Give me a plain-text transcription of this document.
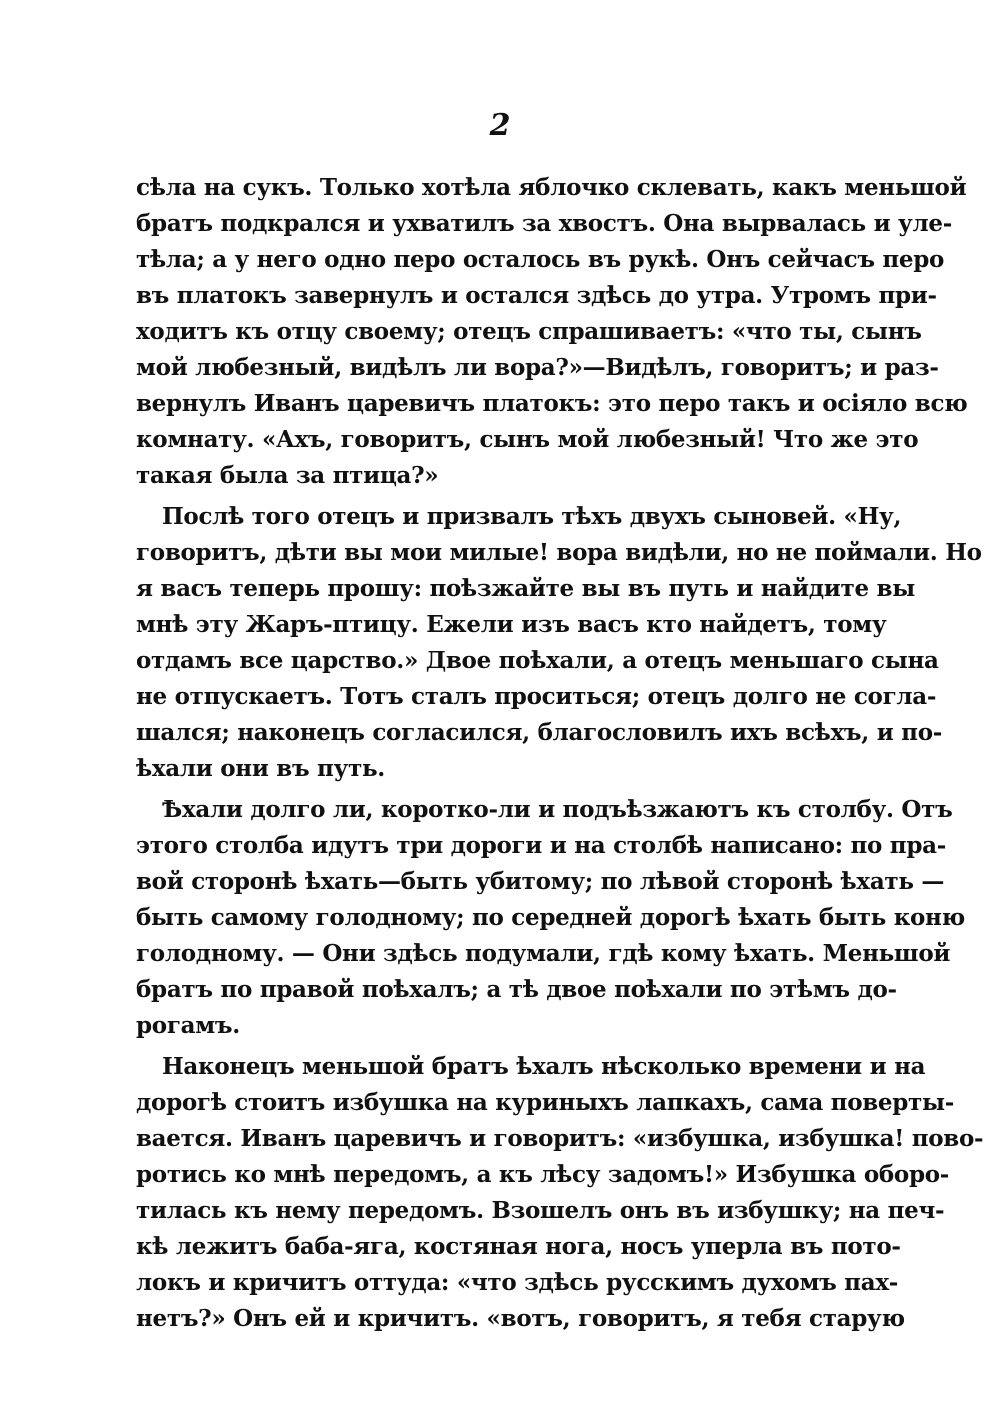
2
сѣла на сукъ. Только хотѣла яблочко склевать, какъ меньшой
братъ подкрался и ухватилъ за хвостъ. Она вырвалась и уле-
тѣла; а у него одно перо осталось въ рукѣ. Онъ сейчасъ перо
въ платокъ завернулъ и остался здѣсь до утра. Утромъ при-
ходитъ къ отцу своему; отецъ спрашиваетъ: «что ты, сынъ
мой любезный, видѣлъ ли вора?»—Видѣлъ, говоритъ; и раз-
вернулъ Иванъ царевичъ платокъ: это перо такъ и осіяло всю
комнату. «Ахъ, говоритъ, сынъ мой любезный! Что же это
такая была за птица?»
Послѣ того отецъ и призвалъ тѣхъ двухъ сыновей. «Ну,
говоритъ, дѣти вы мои милые! вора видѣли, но не поймали. Но
я васъ теперь прошу: поѣзжайте вы въ путь и найдите вы
мнѣ эту Жаръ-птицу. Ежели изъ васъ кто найдетъ, тому
отдамъ все царство.» Двое поѣхали, а отецъ меньшаго сына
не отпускаетъ. Тотъ сталъ проситься; отецъ долго не согла-
шался; наконецъ согласился, благословилъ ихъ всѣхъ, и по-
ѣхали они въ путь.
Ѣхали долго ли, коротко-ли и подъѣзжаютъ къ столбу. Отъ
этого столба идутъ три дороги и на столбѣ написано: по пра-
вой сторонѣ ѣхать—быть убитому; по лѣвой сторонѣ ѣхать —
быть самому голодному; по середней дорогѣ ѣхать быть коню
голодному. — Они здѣсь подумали, гдѣ кому ѣхать. Меньшой
братъ по правой поѣхалъ; а тѣ двое поѣхали по этѣмъ до-
рогамъ.
Наконецъ меньшой братъ ѣхалъ нѣсколько времени и на
дорогѣ стоитъ избушка на куриныхъ лапкахъ, сама поверты-
вается. Иванъ царевичъ и говоритъ: «избушка, избушка! пово-
ротись ко мнѣ передомъ, а къ лѣсу задомъ!» Избушка оборо-
тилась къ нему передомъ. Взошелъ онъ въ избушку; на печ-
кѣ лежитъ баба-яга, костяная нога, носъ уперла въ пото-
локъ и кричитъ оттуда: «что здѣсь русскимъ духомъ пах-
нетъ?» Онъ ей и кричитъ. «вотъ, говоритъ, я тебя старую
